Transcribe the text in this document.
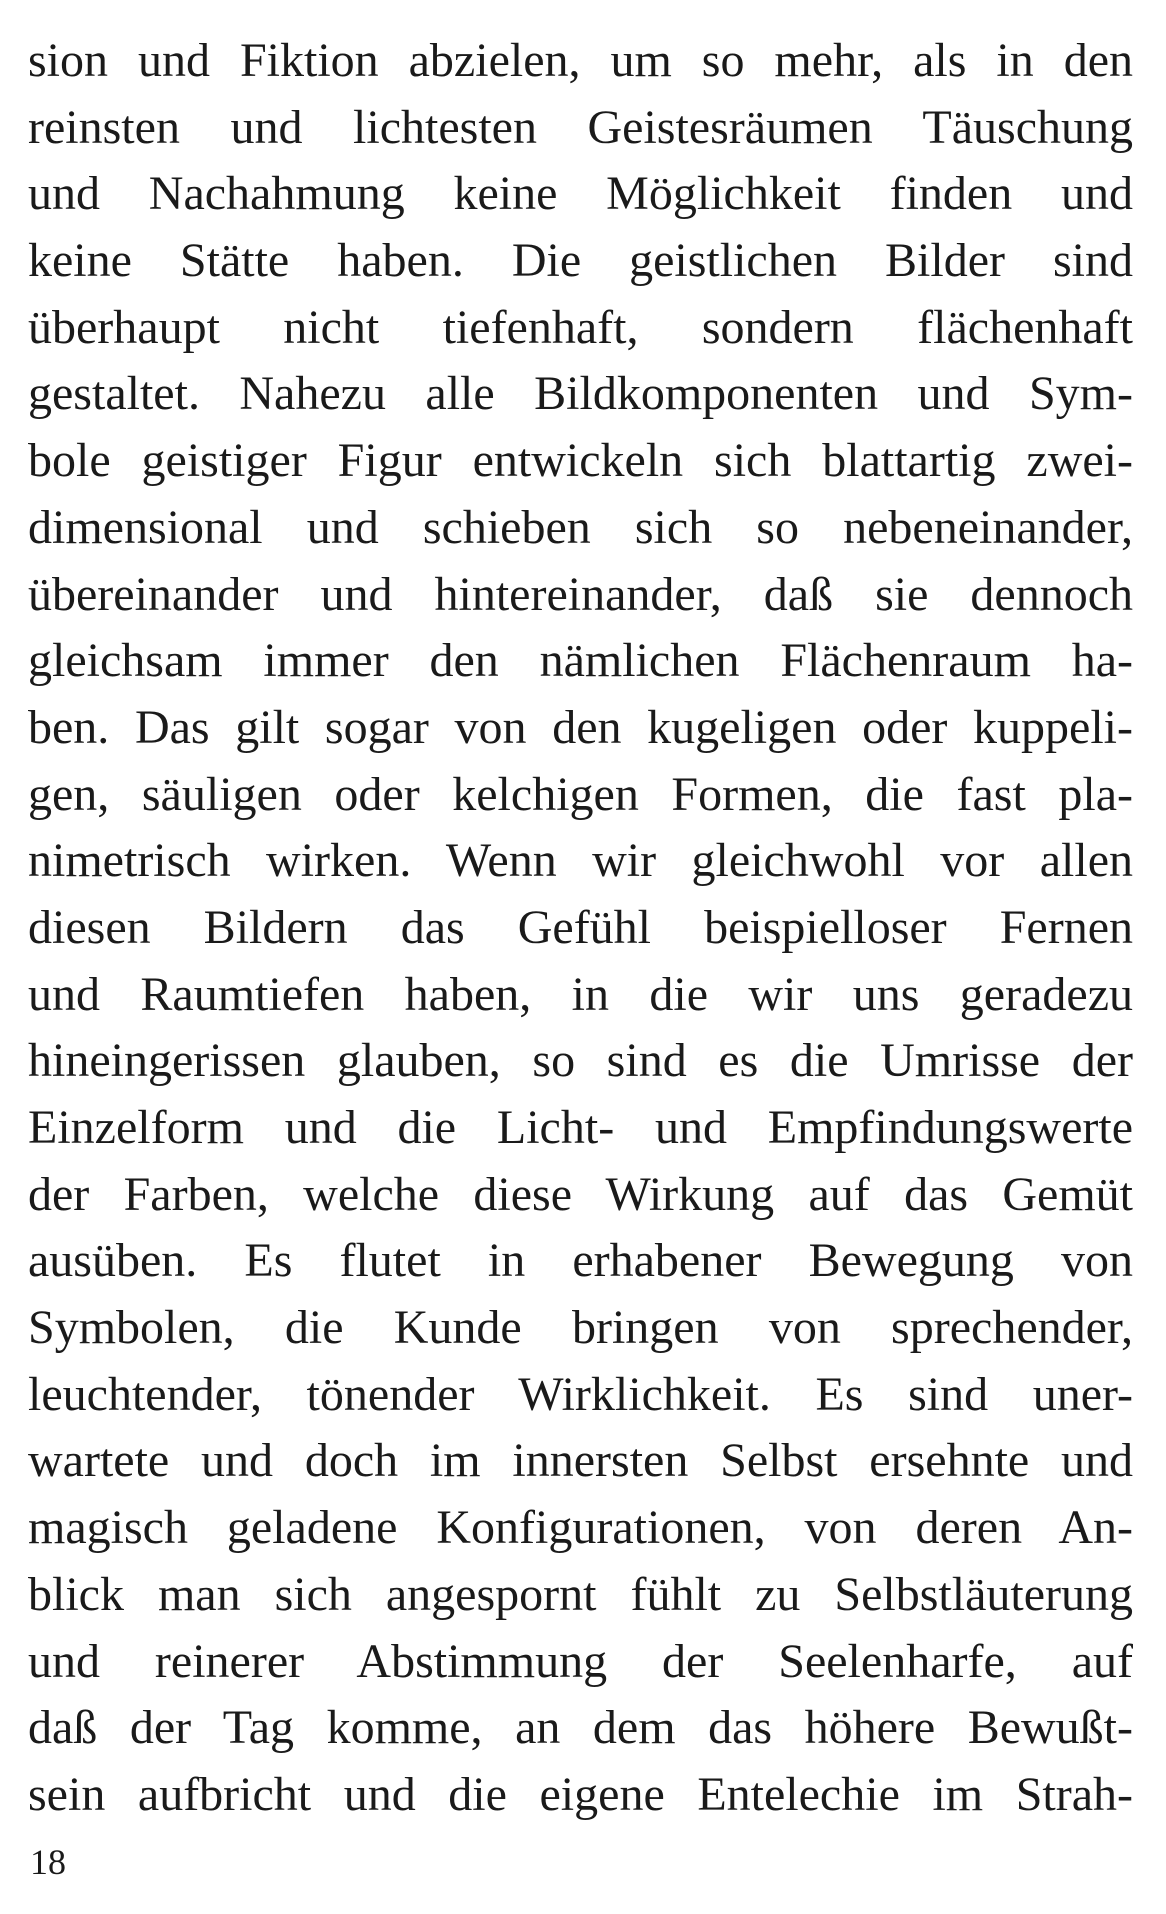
sion und Fiktion abzielen, um so mehr, als in den
reinsten und lichtesten Geistesräumen Täuschung
und Nachahmung keine Möglichkeit finden und
keine Stätte haben. Die geistlichen Bilder sind
überhaupt nicht tiefenhaft, sondern flächenhaft
gestaltet. Nahezu alle Bildkomponenten und Sym-
bole geistiger Figur entwickeln sich blattartig zwei-
dimensional und schieben sich so nebeneinander,
übereinander und hintereinander, daß sie dennoch
gleichsam immer den nämlichen Flächenraum ha-
ben. Das gilt sogar von den kugeligen oder kuppeli-
gen, säuligen oder kelchigen Formen, die fast pla-
nimetrisch wirken. Wenn wir gleichwohl vor allen
diesen Bildern das Gefühl beispielloser Fernen
und Raumtiefen haben, in die wir uns geradezu
hineingerissen glauben, so sind es die Umrisse der
Einzelform und die Licht- und Empfindungswerte
der Farben, welche diese Wirkung auf das Gemüt
ausüben. Es flutet in erhabener Bewegung von
Symbolen, die Kunde bringen von sprechender,
leuchtender, tönender Wirklichkeit. Es sind uner-
wartete und doch im innersten Selbst ersehnte und
magisch geladene Konfigurationen, von deren An-
blick man sich angespornt fühlt zu Selbstläuterung
und reinerer Abstimmung der Seelenharfe, auf
daß der Tag komme, an dem das höhere Bewußt-
sein aufbricht und die eigene Entelechie im Strah-
18
